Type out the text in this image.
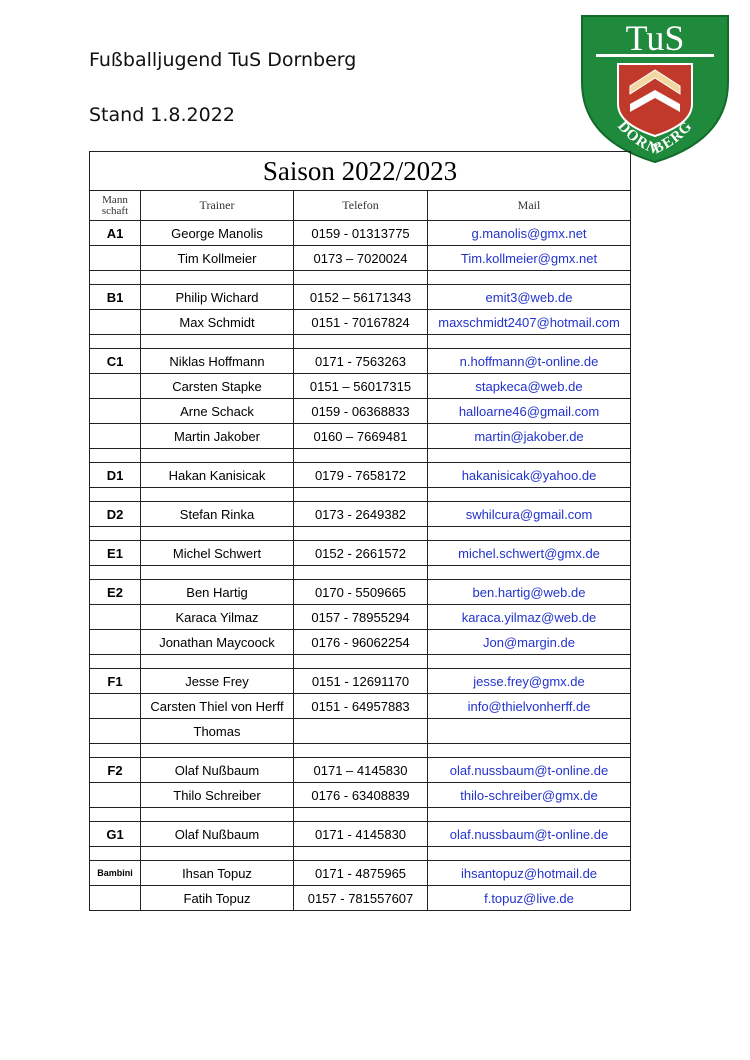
Fußballjugend TuS Dornberg
Stand 1.8.2022
TuS
DORNBERG
Saison 2022/2023			
Mann schaft	Trainer	Telefon	Mail
A1	George Manolis	0159 - 01313775	g.manolis@gmx.net
	Tim Kollmeier	0173 – 7020024	Tim.kollmeier@gmx.net

B1	Philip Wichard	0152 – 56171343	emit3@web.de
	Max Schmidt	0151 - 70167824	maxschmidt2407@hotmail.com

C1	Niklas Hoffmann	0171 - 7563263	n.hoffmann@t-online.de
	Carsten Stapke	0151 – 56017315	stapkeca@web.de
	Arne Schack	0159 - 06368833	halloarne46@gmail.com
	Martin Jakober	0160 – 7669481	martin@jakober.de

D1	Hakan Kanisicak	0179 - 7658172	hakanisicak@yahoo.de

D2	Stefan Rinka	0173 - 2649382	swhilcura@gmail.com

E1	Michel Schwert	0152 - 2661572	michel.schwert@gmx.de

E2	Ben Hartig	0170 - 5509665	ben.hartig@web.de
	Karaca Yilmaz	0157 - 78955294	karaca.yilmaz@web.de
	Jonathan Maycoock	0176 - 96062254	Jon@margin.de

F1	Jesse Frey	0151 - 12691170	jesse.frey@gmx.de
	Carsten Thiel von Herff	0151 - 64957883	info@thielvonherff.de
	Thomas		

F2	Olaf Nußbaum	0171 – 4145830	olaf.nussbaum@t-online.de
	Thilo Schreiber	0176 - 63408839	thilo-schreiber@gmx.de

G1	Olaf Nußbaum	0171 - 4145830	olaf.nussbaum@t-online.de

Bambini	Ihsan Topuz	0171 - 4875965	ihsantopuz@hotmail.de
	Fatih Topuz	0157 - 781557607	f.topuz@live.de
